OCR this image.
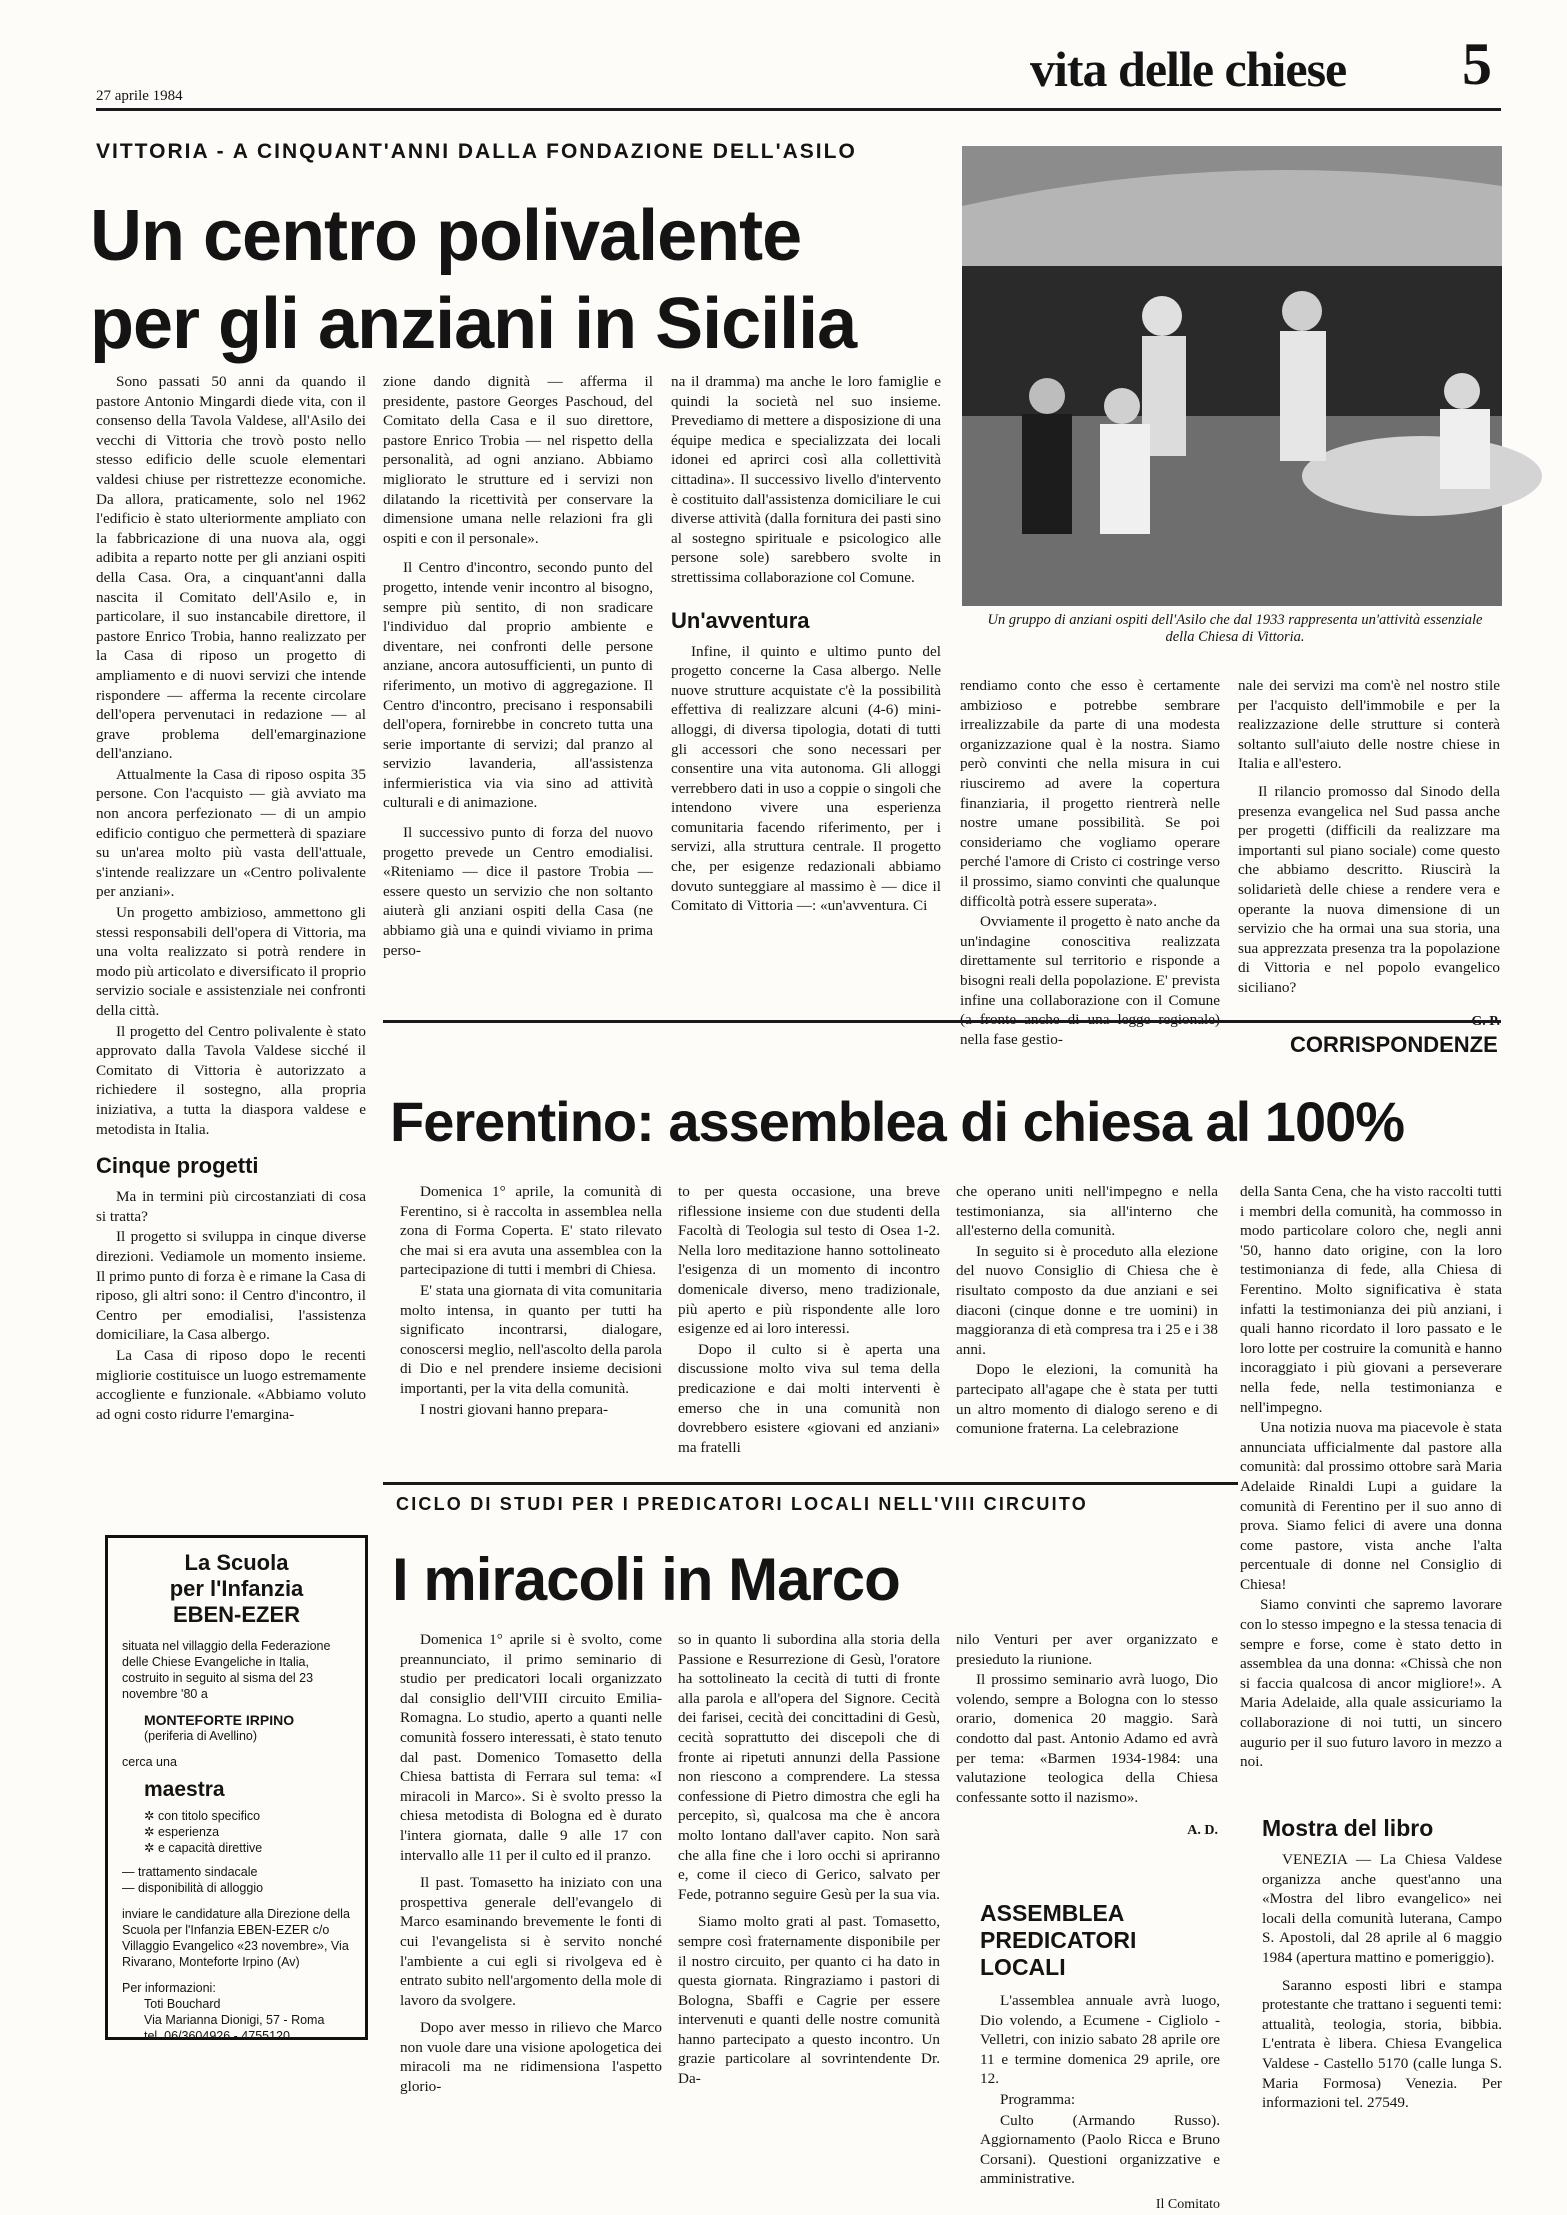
27 aprile 1984	vita delle chiese 5
VITTORIA - A CINQUANT'ANNI DALLA FONDAZIONE DELL'ASILO
Un centro polivalente
per gli anziani in Sicilia
Un gruppo di anziani ospiti dell'Asilo che dal 1933 rappresenta un'attività essenziale della Chiesa di Vittoria.

Sono passati 50 anni da quando il pastore Antonio Mingardi diede vita, con il consenso della Tavola Valdese, all'Asilo dei vecchi di Vittoria che trovò posto nello stesso edificio delle scuole elementari valdesi chiuse per ristrettezze economiche. Da allora, praticamente, solo nel 1962 l'edificio è stato ulteriormente ampliato con la fabbricazione di una nuova ala, oggi adibita a reparto notte per gli anziani ospiti della Casa. Ora, a cinquant'anni dalla nascita il Comitato dell'Asilo e, in particolare, il suo instancabile direttore, il pastore Enrico Trobia, hanno realizzato per la Casa di riposo un progetto di ampliamento e di nuovi servizi che intende rispondere — afferma la recente circolare dell'opera pervenutaci in redazione — al grave problema dell'emarginazione dell'anziano.

Attualmente la Casa di riposo ospita 35 persone. Con l'acquisto — già avviato ma non ancora perfezionato — di un ampio edificio contiguo che permetterà di spaziare su un'area molto più vasta dell'attuale, s'intende realizzare un «Centro polivalente per anziani».

Un progetto ambizioso, ammettono gli stessi responsabili dell'opera di Vittoria, ma una volta realizzato si potrà rendere in modo più articolato e diversificato il proprio servizio sociale e assistenziale nei confronti della città.

Il progetto del Centro polivalente è stato approvato dalla Tavola Valdese sicché il Comitato di Vittoria è autorizzato a richiedere il sostegno, alla propria iniziativa, a tutta la diaspora valdese e metodista in Italia.

Cinque progetti

Ma in termini più circostanziati di cosa si tratta?

Il progetto si sviluppa in cinque diverse direzioni. Vediamole un momento insieme. Il primo punto di forza è e rimane la Casa di riposo, gli altri sono: il Centro d'incontro, il Centro per emodialisi, l'assistenza domiciliare, la Casa albergo.

La Casa di riposo dopo le recenti migliorie costituisce un luogo estremamente accogliente e funzionale. «Abbiamo voluto ad ogni costo ridurre l'emargina-

zione dando dignità — afferma il presidente, pastore Georges Paschoud, del Comitato della Casa e il suo direttore, pastore Enrico Trobia — nel rispetto della personalità, ad ogni anziano. Abbiamo migliorato le strutture ed i servizi non dilatando la ricettività per conservare la dimensione umana nelle relazioni fra gli ospiti e con il personale».

Il Centro d'incontro, secondo punto del progetto, intende venir incontro al bisogno, sempre più sentito, di non sradicare l'individuo dal proprio ambiente e diventare, nei confronti delle persone anziane, ancora autosufficienti, un punto di riferimento, un motivo di aggregazione. Il Centro d'incontro, precisano i responsabili dell'opera, fornirebbe in concreto tutta una serie importante di servizi; dal pranzo al servizio lavanderia, all'assistenza infermieristica via via sino ad attività culturali e di animazione.

Il successivo punto di forza del nuovo progetto prevede un Centro emodialisi. «Riteniamo — dice il pastore Trobia — essere questo un servizio che non soltanto aiuterà gli anziani ospiti della Casa (ne abbiamo già una e quindi viviamo in prima perso-

na il dramma) ma anche le loro famiglie e quindi la società nel suo insieme. Prevediamo di mettere a disposizione di una équipe medica e specializzata dei locali idonei ed aprirci così alla collettività cittadina». Il successivo livello d'intervento è costituito dall'assistenza domiciliare le cui diverse attività (dalla fornitura dei pasti sino al sostegno spirituale e psicologico alle persone sole) sarebbero svolte in strettissima collaborazione col Comune.

Un'avventura

Infine, il quinto e ultimo punto del progetto concerne la Casa albergo. Nelle nuove strutture acquistate c'è la possibilità effettiva di realizzare alcuni (4-6) mini-alloggi, di diversa tipologia, dotati di tutti gli accessori che sono necessari per consentire una vita autonoma. Gli alloggi verrebbero dati in uso a coppie o singoli che intendono vivere una esperienza comunitaria facendo riferimento, per i servizi, alla struttura centrale. Il progetto che, per esigenze redazionali abbiamo dovuto sunteggiare al massimo è — dice il Comitato di Vittoria —: «un'avventura. Ci

rendiamo conto che esso è certamente ambizioso e potrebbe sembrare irrealizzabile da parte di una modesta organizzazione qual è la nostra. Siamo però convinti che nella misura in cui riusciremo ad avere la copertura finanziaria, il progetto rientrerà nelle nostre umane possibilità. Se poi consideriamo che vogliamo operare perché l'amore di Cristo ci costringe verso il prossimo, siamo convinti che qualunque difficoltà potrà essere superata».

Ovviamente il progetto è nato anche da un'indagine conoscitiva realizzata direttamente sul territorio e risponde a bisogni reali della popolazione. E' prevista infine una collaborazione con il Comune nella fase gestio-

nale dei servizi ma com'è nel nostro stile per l'acquisto dell'immobile e per la realizzazione delle strutture si conterà soltanto sull'aiuto delle nostre chiese in Italia e all'estero.

Il rilancio promosso dal Sinodo della presenza evangelica nel Sud passa anche per progetti (difficili da realizzare ma importanti sul piano sociale) come questo che abbiamo descritto. Riuscirà la solidarietà delle chiese a rendere vera e operante la nuova dimensione di un servizio che ha ormai una sua storia, una sua apprezzata presenza tra la popolazione di Vittoria e nel popolo evangelico siciliano?

CORRISPONDENZE
Ferentino: assemblea di chiesa al 100%

Domenica 1° aprile, la comunità di Ferentino, si è raccolta in assemblea nella zona di Forma Coperta. E' stato rilevato che mai si era avuta una assemblea con la partecipazione di tutti i membri di Chiesa.

E' stata una giornata di vita comunitaria molto intensa, in quanto per tutti ha significato incontrarsi, dialogare, conoscersi meglio, nell'ascolto della parola di Dio e nel prendere insieme decisioni importanti, per la vita della comunità.

I nostri giovani hanno prepara-

to per questa occasione, una breve riflessione insieme con due studenti della Facoltà di Teologia sul testo di Osea 1-2. Nella loro meditazione hanno sottolineato l'esigenza di un momento di incontro domenicale diverso, meno tradizionale, più aperto e più rispondente alle loro esigenze ed ai loro interessi.

Dopo il culto si è aperta una discussione molto viva sul tema della predicazione e dai molti interventi è emerso che in una comunità non dovrebbero esistere «giovani ed anziani» ma fratelli

che operano uniti nell'impegno e nella testimonianza, sia all'interno che all'esterno della comunità.

In seguito si è proceduto alla elezione del nuovo Consiglio di Chiesa che è risultato composto da due anziani e sei diaconi (cinque donne e tre uomini) in maggioranza di età compresa tra i 25 e i 38 anni.

Dopo le elezioni, la comunità ha partecipato all'agape che è stata per tutti un altro momento di dialogo sereno e di comunione fraterna. La celebrazione

della Santa Cena, che ha visto raccolti tutti i membri della comunità, ha commosso in modo particolare coloro che, negli anni '50, hanno dato origine, con la loro testimonianza di fede, alla Chiesa di Ferentino. Molto significativa è stata infatti la testimonianza dei più anziani, i quali hanno ricordato il loro passato e le loro lotte per costruire la comunità e hanno incoraggiato i più giovani a perseverare nella fede, nella testimonianza e nell'impegno.

Una notizia nuova ma piacevole è stata annunciata ufficialmente dal pastore alla comunità: dal prossimo ottobre sarà Maria Adelaide Rinaldi Lupi a guidare la comunità di Ferentino per il suo anno di prova. Siamo felici di avere una donna come pastore, vista anche l'alta percentuale di donne nel Consiglio di Chiesa!

Siamo convinti che sapremo lavorare con lo stesso impegno e la stessa tenacia di sempre e forse, come è stato detto in assemblea da una donna: «Chissà che non si faccia qualcosa di ancor migliore!». A Maria Adelaide, alla quale assicuriamo la collaborazione di noi tutti, un sincero augurio per il suo futuro lavoro in mezzo a noi.

CICLO DI STUDI PER I PREDICATORI LOCALI NELL'VIII CIRCUITO
I miracoli in Marco

Domenica 1° aprile si è svolto, come preannunciato, il primo seminario di studio per predicatori locali organizzato dal consiglio dell'VIII circuito Emilia-Romagna. Lo studio, aperto a quanti nelle comunità fossero interessati, è stato tenuto dal past. Domenico Tomasetto della Chiesa battista di Ferrara sul tema: «I miracoli in Marco». Si è svolto presso la chiesa metodista di Bologna ed è durato l'intera giornata, dalle 9 alle 17 con intervallo alle 11 per il culto ed il pranzo.

Il past. Tomasetto ha iniziato con una prospettiva generale dell'evangelo di Marco esaminando brevemente le fonti di cui l'evangelista si è servito nonché l'ambiente a cui egli si rivolgeva ed è entrato subito nell'argomento della mole di lavoro da svolgere.

Dopo aver messo in rilievo che Marco non vuole dare una visione apologetica dei miracoli ma ne ridimensiona l'aspetto glorio-

so in quanto li subordina alla storia della Passione e Resurrezione di Gesù, l'oratore ha sottolineato la cecità di tutti di fronte alla parola e all'opera del Signore. Cecità dei farisei, cecità dei concittadini di Gesù, cecità soprattutto dei discepoli che di fronte ai ripetuti annunzi della Passione non riescono a comprendere. La stessa confessione di Pietro dimostra che egli ha percepito, sì, qualcosa ma che è ancora molto lontano dall'aver capito. Non sarà che alla fine che i loro occhi si apriranno e, come il cieco di Gerico, salvato per Fede, potranno seguire Gesù per la sua via.

Siamo molto grati al past. Tomasetto, sempre così fraternamente disponibile per il nostro circuito, per quanto ci ha dato in questa giornata. Ringraziamo i pastori di Bologna, Sbaffi e Cagrie per essere intervenuti e quanti delle nostre comunità hanno partecipato a questo incontro. Un grazie particolare al sovrintendente Dr. Da-

nilo Venturi per aver organizzato e presieduto la riunione.

Il prossimo seminario avrà luogo, Dio volendo, sempre a Bologna con lo stesso orario, domenica 20 maggio. Sarà condotto dal past. Antonio Adamo ed avrà per tema: «Barmen 1934-1984: una valutazione teologica della Chiesa confessante sotto il nazismo».

A. D.
ASSEMBLEA
PREDICATORI LOCALI

L'assemblea annuale avrà luogo, Dio volendo, a Ecumene - Cigliolo - Velletri, con inizio sabato 28 aprile ore 11 e termine domenica 29 aprile, ore 12.

Programma:

Culto (Armando Russo). Aggiornamento (Paolo Ricca e Bruno Corsani). Questioni organizzative e amministrative.

Il Comitato
Mostra del libro

VENEZIA — La Chiesa Valdese organizza anche quest'anno una «Mostra del libro evangelico» nei locali della comunità luterana, Campo S. Apostoli, dal 28 aprile al 6 maggio 1984 (apertura mattino e pomeriggio).

Saranno esposti libri e stampa protestante che trattano i seguenti temi: attualità, teologia, storia, bibbia. L'entrata è libera. Chiesa Evangelica Valdese - Castello 5170 (calle lunga S. Maria Formosa) Venezia. Per informazioni tel. 27549.

La Scuola
per l'Infanzia
EBEN-EZER
situata nel villaggio della Federazione delle Chiese Evangeliche in Italia, costruito in seguito al sisma del 23 novembre '80 a
MONTEFORTE IRPINO
(periferia di Avellino)
cerca una
maestra
✲ con titolo specifico
✲ esperienza
✲ e capacità direttive
— trattamento sindacale
— disponibilità di alloggio
inviare le candidature alla Direzione della Scuola per l'Infanzia EBEN-EZER c/o Villaggio Evangelico «23 novembre», Via Rivarano, Monteforte Irpino (Av)
Per informazioni:
Toti Bouchard
Via Marianna Dionigi, 57 - Roma
tel. 06/3604926 - 4755120
